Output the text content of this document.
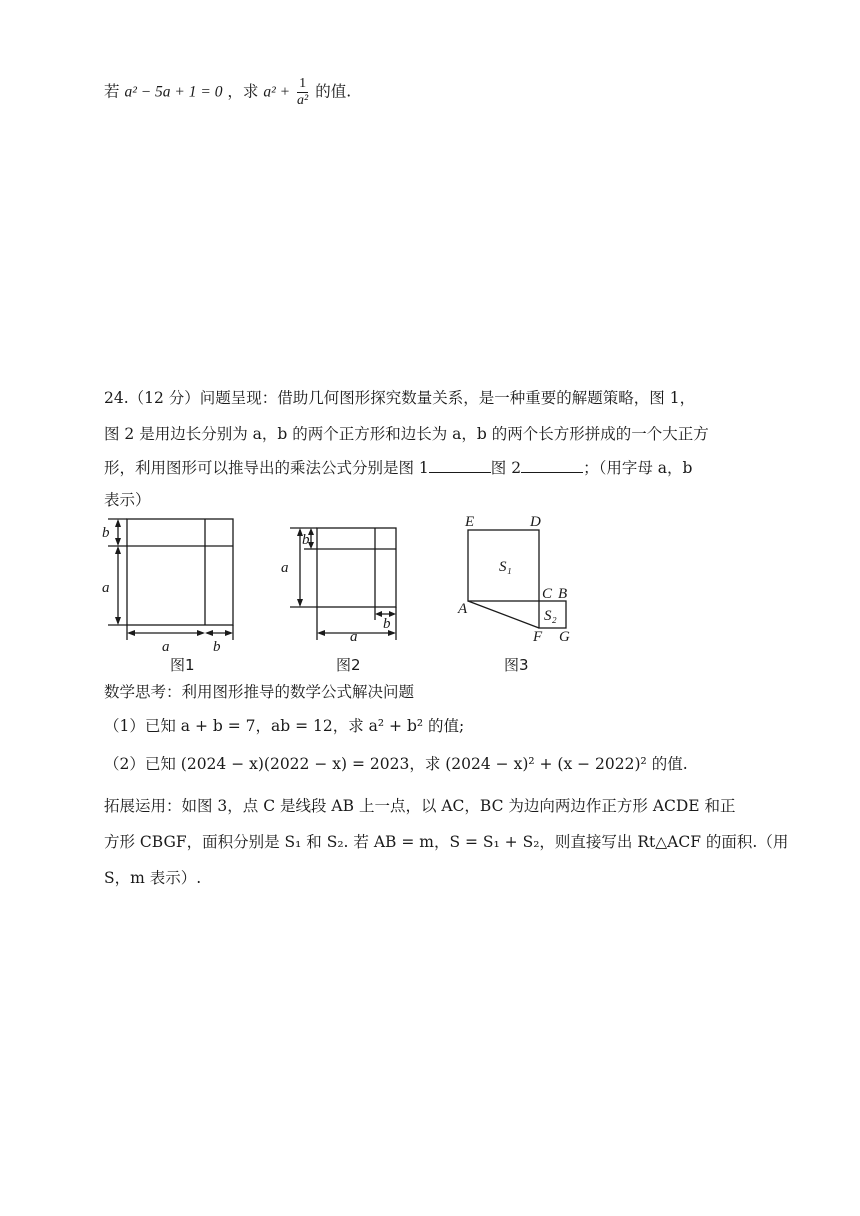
若 a² − 5a + 1 = 0 ，求 $a^2 + \frac{1}{\text{a²}}$ 的值.
24.（12 分）问题呈现：借助几何图形探究数量关系，是一种重要的解题策略，图 1，
图 2 是用边长分别为 a，b 的两个正方形和边长为 a，b 的两个长方形拼成的一个大正方
形，利用图形可以推导出的乘法公式分别是图 1	图 2	；（用字母 a，b
表示）
b
a
a	b
图1
b
a
a
b
图2
E	D
S₁
C B
A	S₂
F G
图3
数学思考：利用图形推导的数学公式解决问题
（1）已知 a + b = 7，ab = 12，求 a² + b² 的值;
（2）已知 (2024 − x)(2022 − x) = 2023，求 (2024 − x)² + (x − 2022)² 的值.
拓展运用：如图 3，点 C 是线段 AB 上一点，以 AC，BC 为边向两边作正方形 ACDE 和正
方形 CBGF，面积分别是 S₁ 和 S₂. 若 AB = m，S = S₁ + S₂，则直接写出 Rt△ACF 的面积.（用
S，m 表示）.
